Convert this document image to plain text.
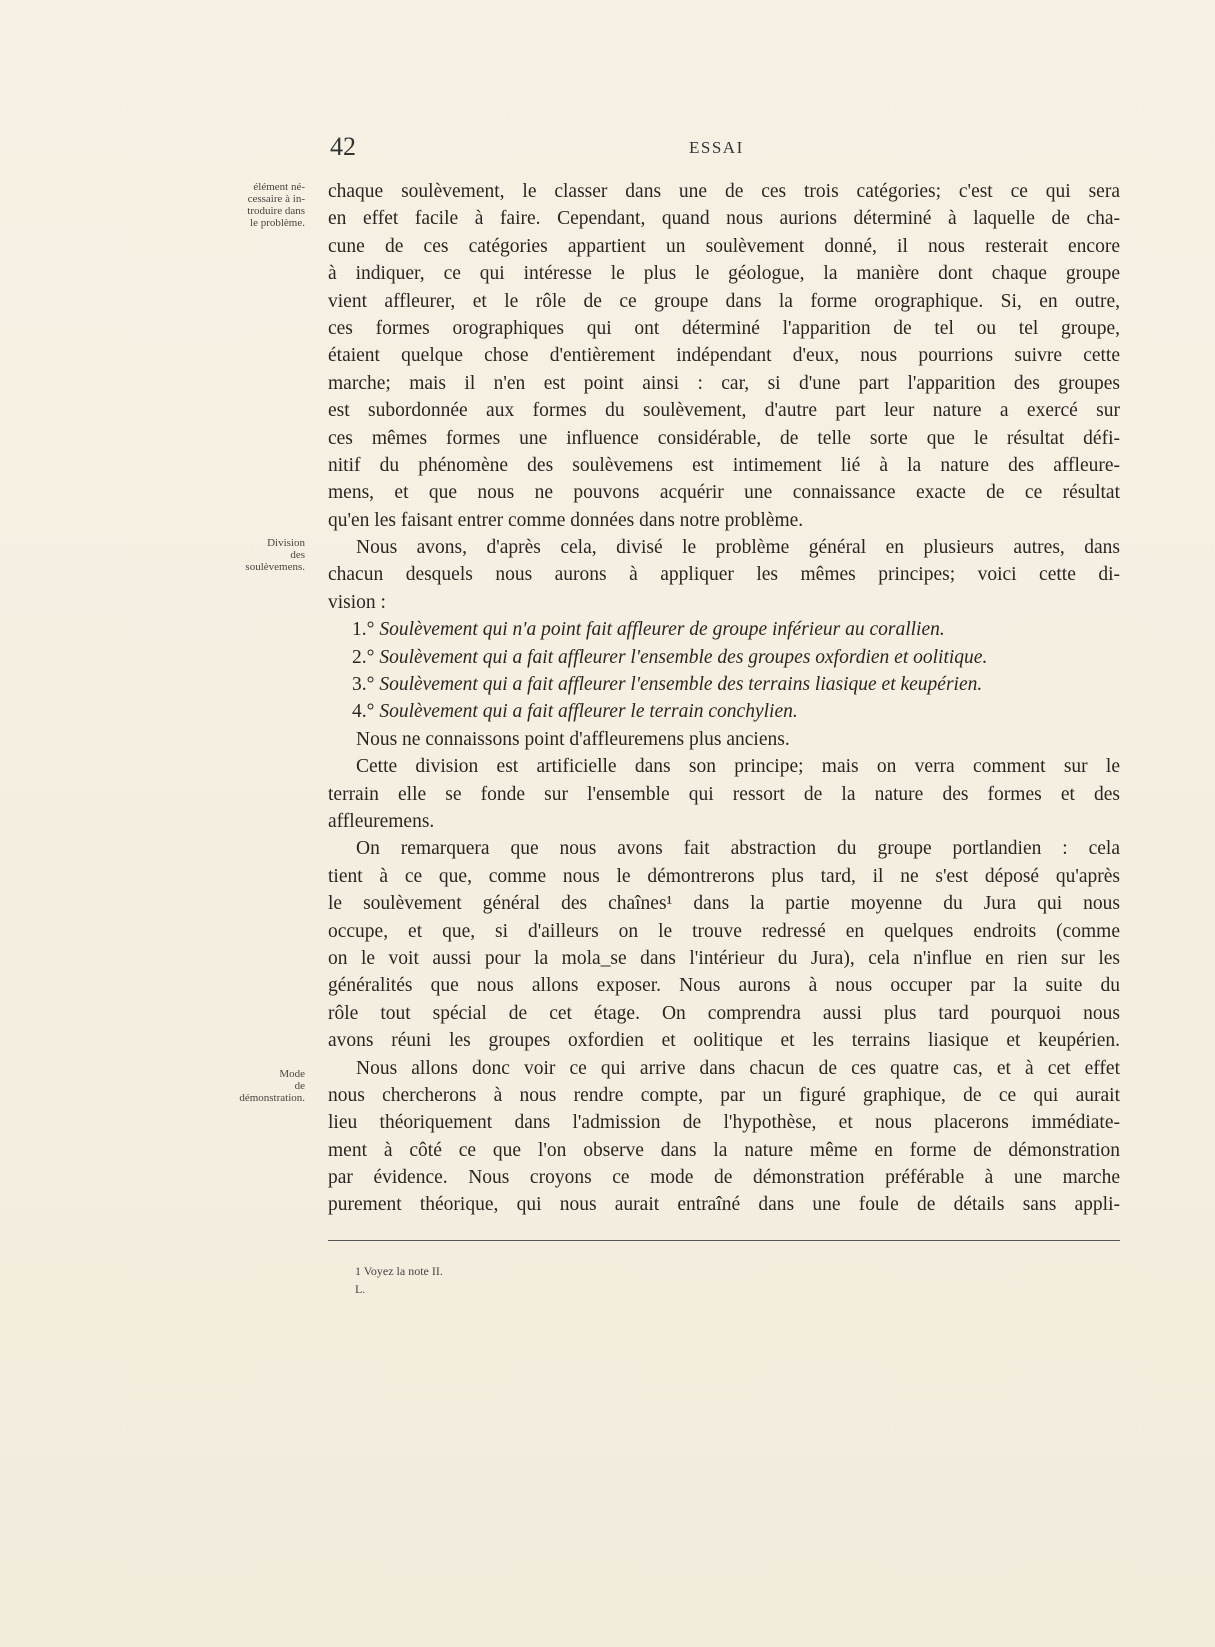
42	ESSAI
élément né-
cessaire à in-
troduire dans
le problème.
Division
des
soulèvemens.
Mode
de
démonstration.
chaque soulèvement, le classer dans une de ces trois catégories; c'est ce qui sera
en effet facile à faire. Cependant, quand nous aurions déterminé à laquelle de cha-
cune de ces catégories appartient un soulèvement donné, il nous resterait encore
à indiquer, ce qui intéresse le plus le géologue, la manière dont chaque groupe
vient affleurer, et le rôle de ce groupe dans la forme orographique. Si, en outre,
ces formes orographiques qui ont déterminé l'apparition de tel ou tel groupe,
étaient quelque chose d'entièrement indépendant d'eux, nous pourrions suivre cette
marche; mais il n'en est point ainsi : car, si d'une part l'apparition des groupes
est subordonnée aux formes du soulèvement, d'autre part leur nature a exercé sur
ces mêmes formes une influence considérable, de telle sorte que le résultat défi-
nitif du phénomène des soulèvemens est intimement lié à la nature des affleure-
mens, et que nous ne pouvons acquérir une connaissance exacte de ce résultat
qu'en les faisant entrer comme données dans notre problème.
Nous avons, d'après cela, divisé le problème général en plusieurs autres, dans
chacun desquels nous aurons à appliquer les mêmes principes; voici cette di-
vision :
1.° Soulèvement qui n'a point fait affleurer de groupe inférieur au corallien.
2.° Soulèvement qui a fait affleurer l'ensemble des groupes oxfordien et oolitique.
3.° Soulèvement qui a fait affleurer l'ensemble des terrains liasique et keupérien.
4.° Soulèvement qui a fait affleurer le terrain conchylien.
Nous ne connaissons point d'affleuremens plus anciens.
Cette division est artificielle dans son principe; mais on verra comment sur le
terrain elle se fonde sur l'ensemble qui ressort de la nature des formes et des
affleuremens.
On remarquera que nous avons fait abstraction du groupe portlandien : cela
tient à ce que, comme nous le démontrerons plus tard, il ne s'est déposé qu'après
le soulèvement général des chaînes¹ dans la partie moyenne du Jura qui nous
occupe, et que, si d'ailleurs on le trouve redressé en quelques endroits (comme
on le voit aussi pour la mola_se dans l'intérieur du Jura), cela n'influe en rien sur les
généralités que nous allons exposer. Nous aurons à nous occuper par la suite du
rôle tout spécial de cet étage. On comprendra aussi plus tard pourquoi nous
avons réuni les groupes oxfordien et oolitique et les terrains liasique et keupérien.
Nous allons donc voir ce qui arrive dans chacun de ces quatre cas, et à cet effet
nous chercherons à nous rendre compte, par un figuré graphique, de ce qui aurait
lieu théoriquement dans l'admission de l'hypothèse, et nous placerons immédiate-
ment à côté ce que l'on observe dans la nature même en forme de démonstration
par évidence. Nous croyons ce mode de démonstration préférable à une marche
purement théorique, qui nous aurait entraîné dans une foule de détails sans appli-
1 Voyez la note II.
L.
